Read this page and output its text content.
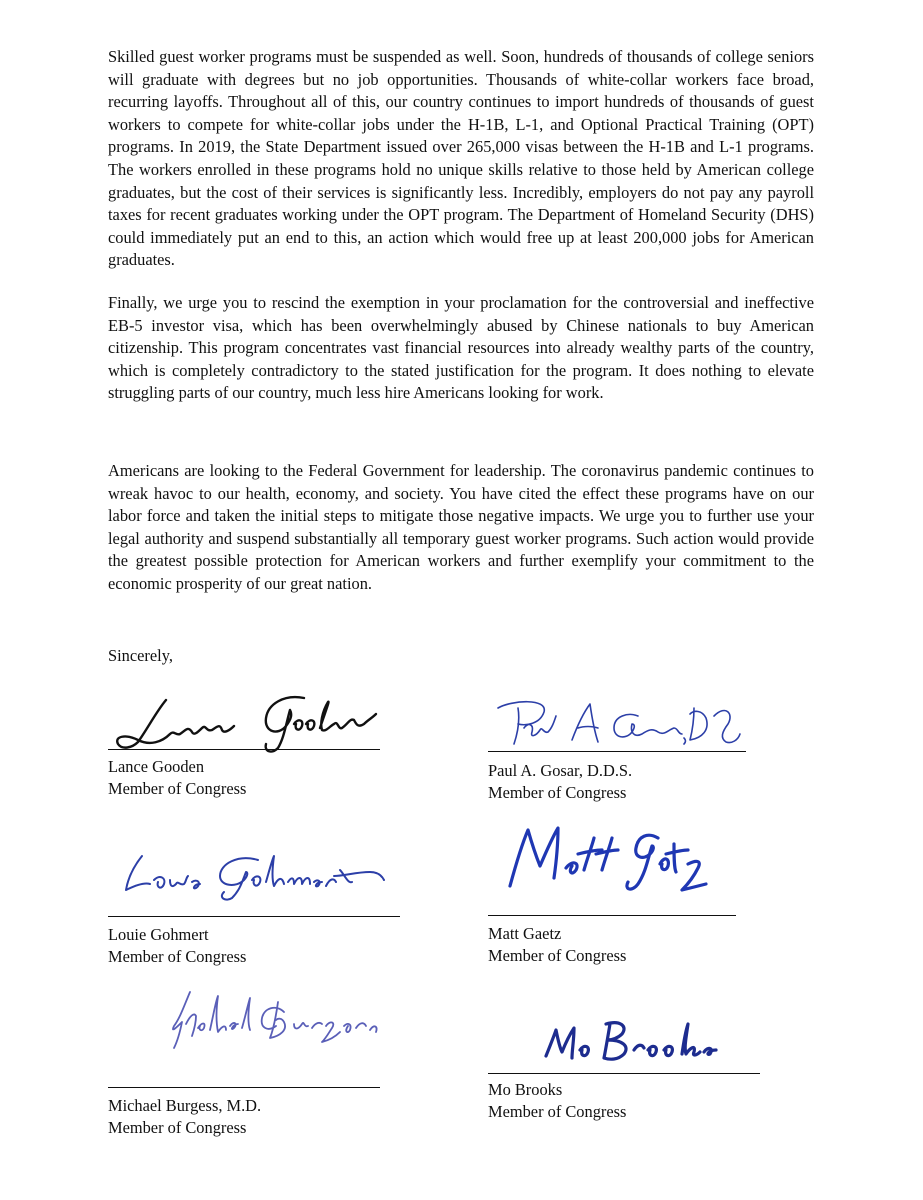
Skilled guest worker programs must be suspended as well. Soon, hundreds of thousands of college seniors will graduate with degrees but no job opportunities. Thousands of white-collar workers face broad, recurring layoffs. Throughout all of this, our country continues to import hundreds of thousands of guest workers to compete for white-collar jobs under the H-1B, L-1, and Optional Practical Training (OPT) programs. In 2019, the State Department issued over 265,000 visas between the H-1B and L-1 programs. The workers enrolled in these programs hold no unique skills relative to those held by American college graduates, but the cost of their services is significantly less. Incredibly, employers do not pay any payroll taxes for recent graduates working under the OPT program. The Department of Homeland Security (DHS) could immediately put an end to this, an action which would free up at least 200,000 jobs for American graduates.

Finally, we urge you to rescind the exemption in your proclamation for the controversial and ineffective EB-5 investor visa, which has been overwhelmingly abused by Chinese nationals to buy American citizenship. This program concentrates vast financial resources into already wealthy parts of the country, which is completely contradictory to the stated justification for the program. It does nothing to elevate struggling parts of our country, much less hire Americans looking for work.

Americans are looking to the Federal Government for leadership. The coronavirus pandemic continues to wreak havoc to our health, economy, and society. You have cited the effect these programs have on our labor force and taken the initial steps to mitigate those negative impacts. We urge you to further use your legal authority and suspend substantially all temporary guest worker programs. Such action would provide the greatest possible protection for American workers and further exemplify your commitment to the economic prosperity of our great nation.

Sincerely,

Lance Gooden
Member of Congress
Paul A. Gosar, D.D.S.
Member of Congress
Louie Gohmert
Member of Congress
Matt Gaetz
Member of Congress
Michael Burgess, M.D.
Member of Congress
Mo Brooks
Member of Congress
